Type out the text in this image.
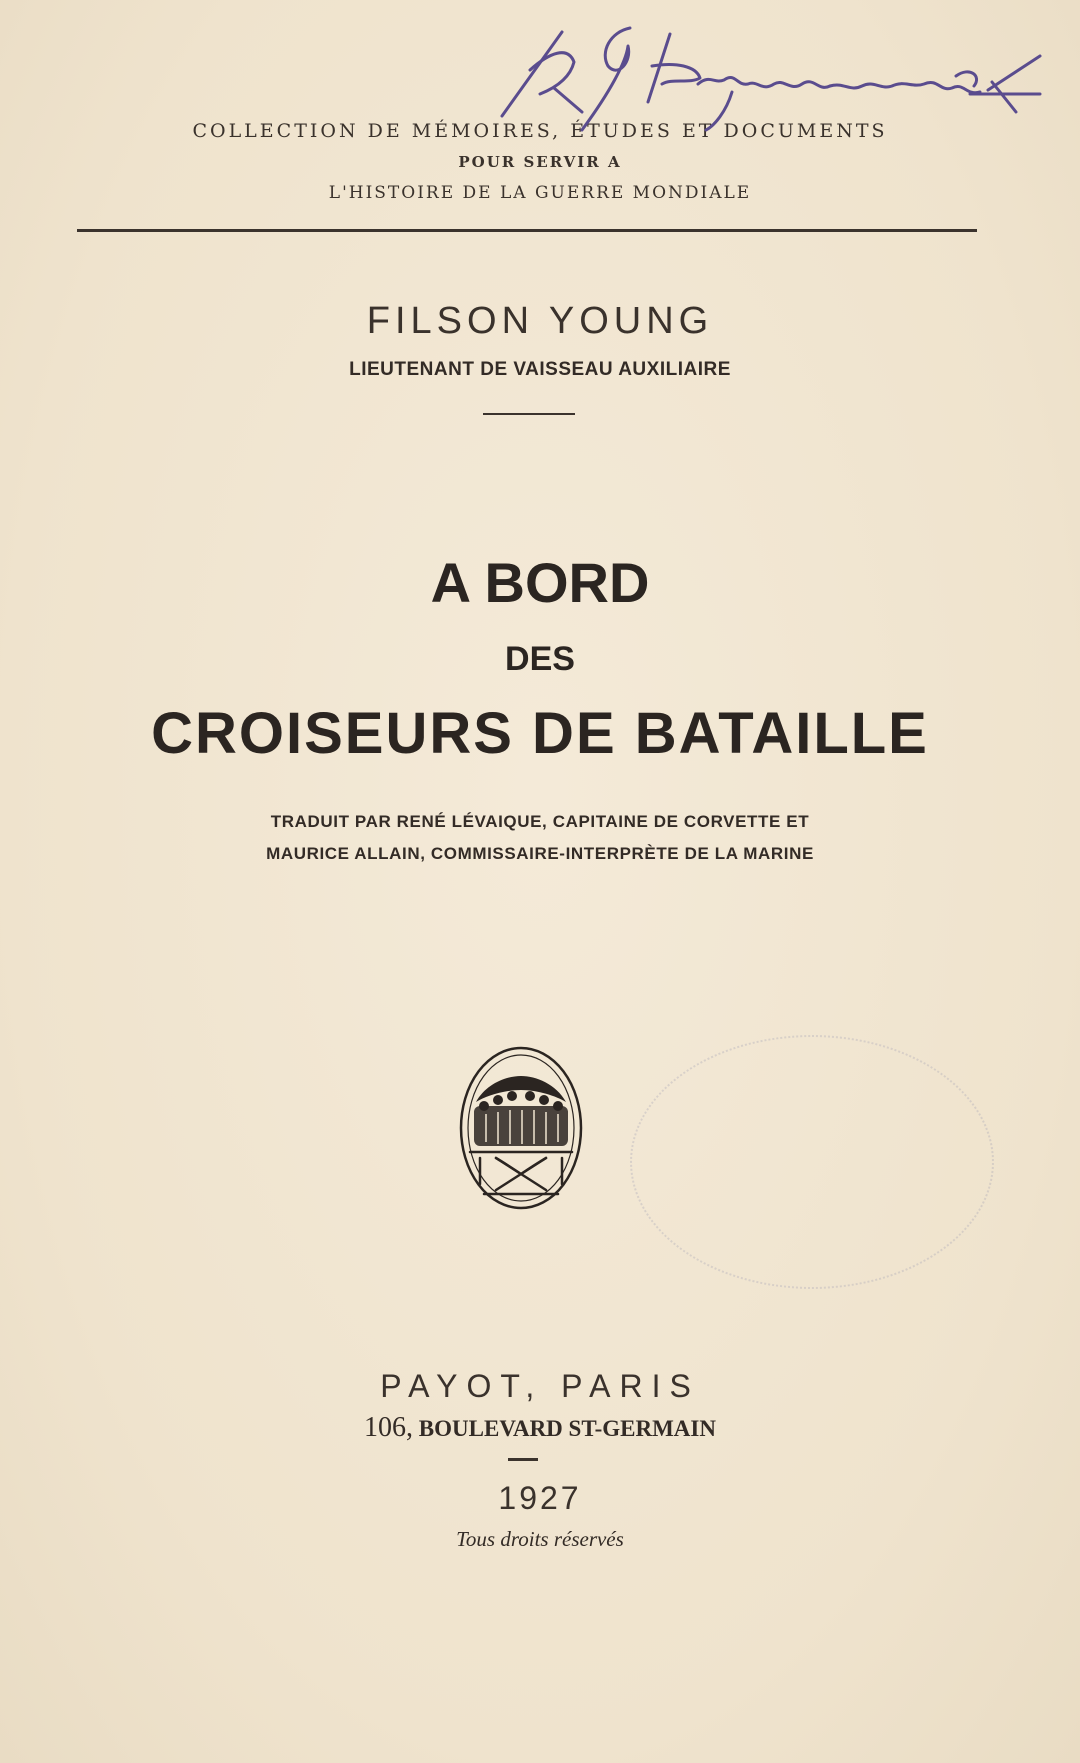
COLLECTION DE MÉMOIRES, ÉTUDES ET DOCUMENTS
POUR SERVIR A
L'HISTOIRE DE LA GUERRE MONDIALE
FILSON YOUNG
LIEUTENANT DE VAISSEAU AUXILIAIRE
A BORD
DES
CROISEURS DE BATAILLE
TRADUIT PAR RENÉ LÉVAIQUE, CAPITAINE DE CORVETTE ET
MAURICE ALLAIN, COMMISSAIRE-INTERPRÈTE DE LA MARINE
PAYOT, PARIS
106, BOULEVARD ST-GERMAIN
1927
Tous droits réservés
